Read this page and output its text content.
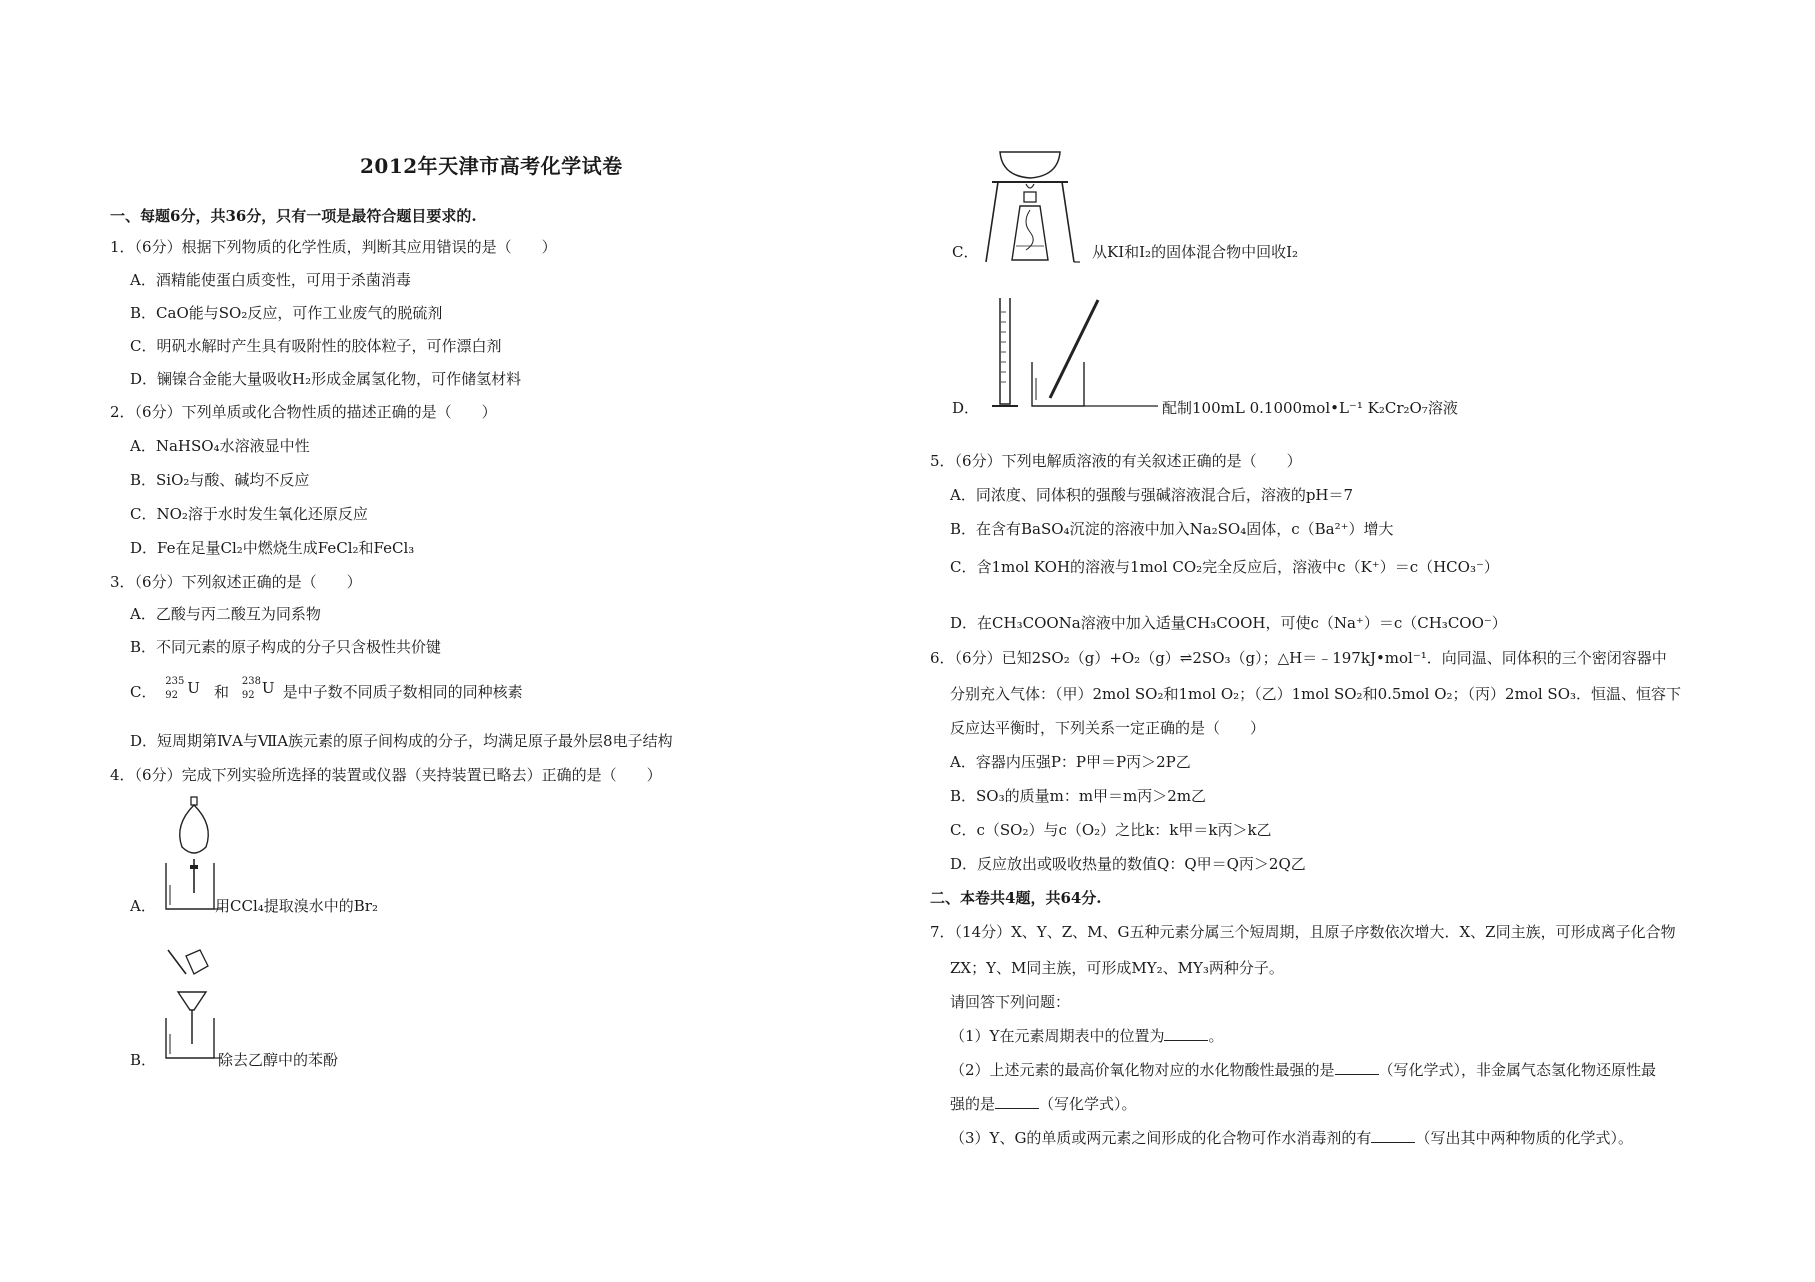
2012年天津市高考化学试卷
一、每题6分，共36分，只有一项是最符合题目要求的.
1．（6分）根据下列物质的化学性质，判断其应用错误的是（　　）
A．酒精能使蛋白质变性，可用于杀菌消毒
B．CaO能与SO₂反应，可作工业废气的脱硫剂
C．明矾水解时产生具有吸附性的胶体粒子，可作漂白剂
D．镧镍合金能大量吸收H₂形成金属氢化物，可作储氢材料
2．（6分）下列单质或化合物性质的描述正确的是（　　）
A．NaHSO₄水溶液显中性
B．SiO₂与酸、碱均不反应
C．NO₂溶于水时发生氧化还原反应
D．Fe在足量Cl₂中燃烧生成FeCl₂和FeCl₃
3．（6分）下列叙述正确的是（　　）
A．乙酸与丙二酸互为同系物
B．不同元素的原子构成的分子只含极性共价键
C．
235
92 U 和
238
92 U 是中子数不同质子数相同的同种核素
D．短周期第ⅣA与ⅦA族元素的原子间构成的分子，均满足原子最外层8电子结构
4．（6分）完成下列实验所选择的装置或仪器（夹持装置已略去）正确的是（　　）
A．	用CCl₄提取溴水中的Br₂
B．	除去乙醇中的苯酚
C．	从KI和I₂的固体混合物中回收I₂
D．	配制100mL 0.1000mol•L⁻¹ K₂Cr₂O₇溶液
5．（6分）下列电解质溶液的有关叙述正确的是（　　）
A．同浓度、同体积的强酸与强碱溶液混合后，溶液的pH＝7
B．在含有BaSO₄沉淀的溶液中加入Na₂SO₄固体，c（Ba²⁺）增大
C．含1mol KOH的溶液与1mol CO₂完全反应后，溶液中c（K⁺）＝c（HCO₃⁻）
D．在CH₃COONa溶液中加入适量CH₃COOH，可使c（Na⁺）＝c（CH₃COO⁻）
6．（6分）已知2SO₂（g）+O₂（g）⇌2SO₃（g）；△H＝﹣197kJ•mol⁻¹．向同温、同体积的三个密闭容器中
分别充入气体：（甲）2mol SO₂和1mol O₂；（乙）1mol SO₂和0.5mol O₂；（丙）2mol SO₃．恒温、恒容下
反应达平衡时，下列关系一定正确的是（　　）
A．容器内压强P：P甲＝P丙＞2P乙
B．SO₃的质量m：m甲＝m丙＞2m乙
C．c（SO₂）与c（O₂）之比k：k甲＝k丙＞k乙
D．反应放出或吸收热量的数值Q：Q甲＝Q丙＞2Q乙
二、本卷共4题，共64分.
7．（14分）X、Y、Z、M、G五种元素分属三个短周期，且原子序数依次增大．X、Z同主族，可形成离子化合物
ZX；Y、M同主族，可形成MY₂、MY₃两种分子。
请回答下列问题：
（1）Y在元素周期表中的位置为	。
（2）上述元素的最高价氧化物对应的水化物酸性最强的是	（写化学式），非金属气态氢化物还原性最
强的是	（写化学式）。
（3）Y、G的单质或两元素之间形成的化合物可作水消毒剂的有	（写出其中两种物质的化学式）。
